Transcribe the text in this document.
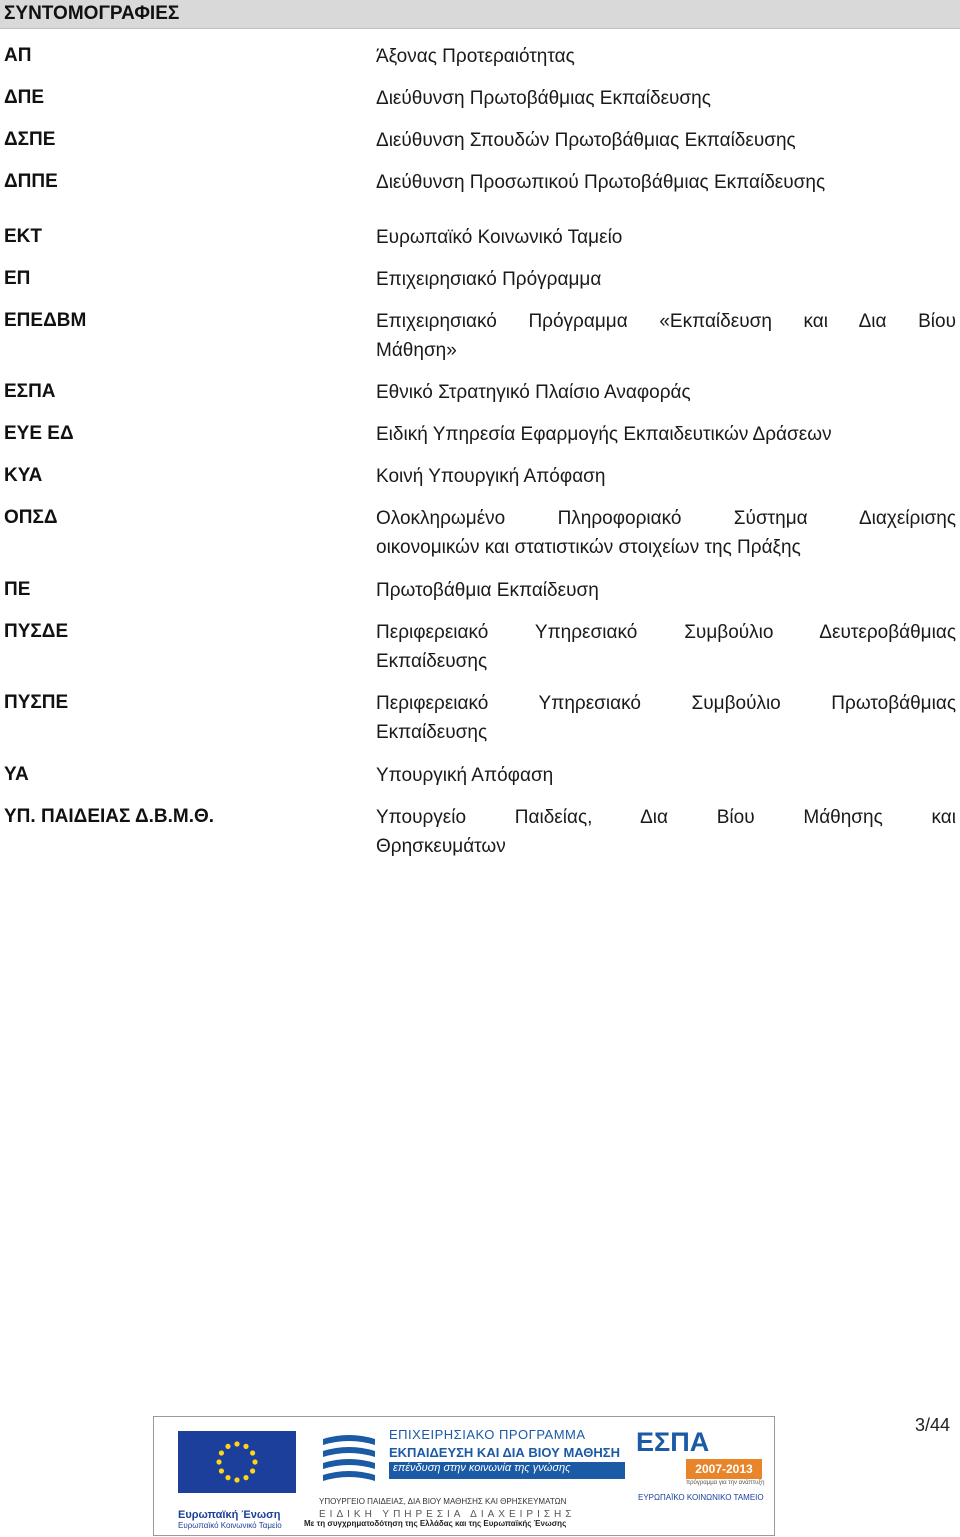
ΣΥΝΤΟΜΟΓΡΑΦΙΕΣ
ΑΠ	Άξονας Προτεραιότητας
ΔΠΕ	Διεύθυνση Πρωτοβάθμιας Εκπαίδευσης
ΔΣΠΕ	Διεύθυνση Σπουδών Πρωτοβάθμιας Εκπαίδευσης
ΔΠΠΕ	Διεύθυνση Προσωπικού Πρωτοβάθμιας Εκπαίδευσης
ΕΚΤ	Ευρωπαϊκό Κοινωνικό Ταμείο
ΕΠ	Επιχειρησιακό Πρόγραμμα
ΕΠΕΔΒΜ	Επιχειρησιακό Πρόγραμμα «Εκπαίδευση και Δια Βίου
Μάθηση»
ΕΣΠΑ	Εθνικό Στρατηγικό Πλαίσιο Αναφοράς
ΕΥΕ ΕΔ	Ειδική Υπηρεσία Εφαρμογής Εκπαιδευτικών Δράσεων
ΚΥΑ	Κοινή Υπουργική Απόφαση
ΟΠΣΔ	Ολοκληρωμένο Πληροφοριακό Σύστημα Διαχείρισης
οικονομικών και στατιστικών στοιχείων της Πράξης
ΠΕ	Πρωτοβάθμια Εκπαίδευση
ΠΥΣΔΕ	Περιφερειακό Υπηρεσιακό Συμβούλιο Δευτεροβάθμιας
Εκπαίδευσης
ΠΥΣΠΕ	Περιφερειακό Υπηρεσιακό Συμβούλιο Πρωτοβάθμιας
Εκπαίδευσης
ΥΑ	Υπουργική Απόφαση
ΥΠ. ΠΑΙΔΕΙΑΣ Δ.Β.Μ.Θ.	Υπουργείο Παιδείας, Δια Βίου Μάθησης και
Θρησκευμάτων
Ευρωπαϊκή Ένωση
Ευρωπαϊκό Κοινωνικό Ταμείο
ΕΠΙΧΕΙΡΗΣΙΑΚΟ ΠΡΟΓΡΑΜΜΑ
ΕΚΠΑΙΔΕΥΣΗ ΚΑΙ ΔΙΑ ΒΙΟΥ ΜΑΘΗΣΗ
επένδυση στην κοινωνία της γνώσης
ΥΠΟΥΡΓΕΙΟ ΠΑΙΔΕΙΑΣ, ΔΙΑ ΒΙΟΥ ΜΑΘΗΣΗΣ ΚΑΙ ΘΡΗΣΚΕΥΜΑΤΩΝ
ΕΙΔΙΚΗ ΥΠΗΡΕΣΙΑ ΔΙΑΧΕΙΡΙΣΗΣ
ΕΣΠΑ
2007-2013
πρόγραμμα για την ανάπτυξη
ΕΥΡΩΠΑΪΚΟ ΚΟΙΝΩΝΙΚΟ ΤΑΜΕΙΟ
Με τη συγχρηματοδότηση της Ελλάδας και της Ευρωπαϊκής Ένωσης
3/44
